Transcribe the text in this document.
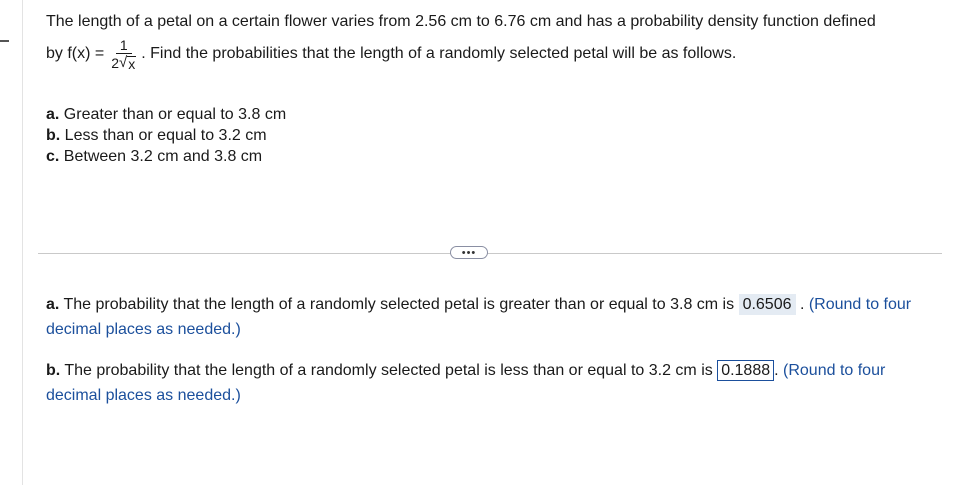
The length of a petal on a certain flower varies from 2.56 cm to 6.76 cm and has a probability density function defined
by $f(x) = \frac{1}{2 √ x}$ . Find the probabilities that the length of a randomly selected petal will be as follows.
a. Greater than or equal to 3.8 cm
b. Less than or equal to 3.2 cm
c. Between 3.2 cm and 3.8 cm
•••
a. The probability that the length of a randomly selected petal is greater than or equal to 3.8 cm is 0.6506 . (Round to four decimal places as needed.)
b. The probability that the length of a randomly selected petal is less than or equal to 3.2 cm is 0.1888 . (Round to four decimal places as needed.)
